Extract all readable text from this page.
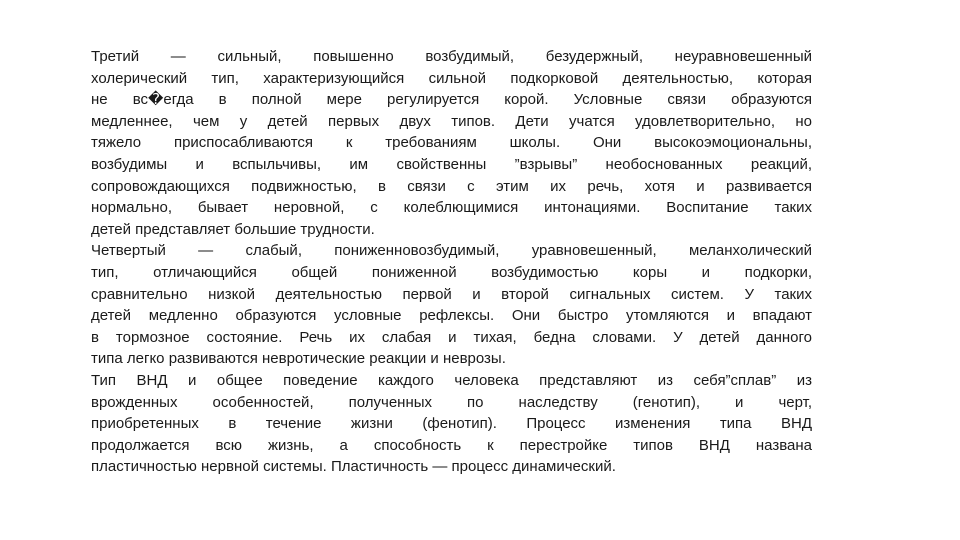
Третий — сильный, повышенно возбудимый, безудержный, неуравновешенный
холерический тип, характеризующийся сильной подкорковой деятельностью, которая
не вс�егда в полной мере регулируется корой. Условные связи образуются
медленнее, чем у детей первых двух типов. Дети учатся удовлетворительно, но
тяжело приспосабливаются к требованиям школы. Они высокоэмоциональны,
возбудимы и вспыльчивы, им свойственны ”взрывы” необоснованных реакций,
сопровождающихся подвижностью, в связи с этим их речь, хотя и развивается
нормально, бывает неровной, с колеблющимися интонациями. Воспитание таких
детей представляет большие трудности.
Четвертый — слабый, пониженновозбудимый, уравновешенный, меланхолический
тип, отличающийся общей пониженной возбудимостью коры и подкорки,
сравнительно низкой деятельностью первой и второй сигнальных систем. У таких
детей медленно образуются условные рефлексы. Они быстро утомляются и впадают
в тормозное состояние. Речь их слабая и тихая, бедна словами. У детей данного
типа легко развиваются невротические реакции и неврозы.
Тип ВНД и общее поведение каждого человека представляют из себя”сплав” из
врожденных особенностей, полученных по наследству (генотип), и черт,
приобретенных в течение жизни (фенотип). Процесс изменения типа ВНД
продолжается всю жизнь, а способность к перестройке типов ВНД названа
пластичностью нервной системы. Пластичность — процесс динамический.
